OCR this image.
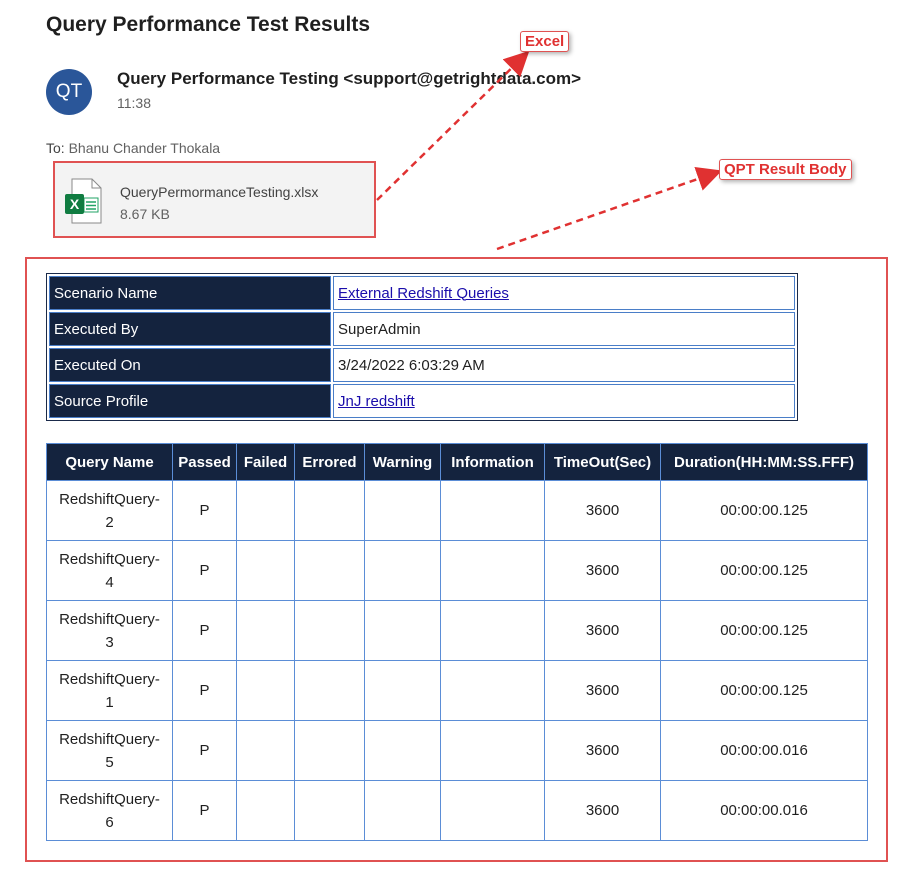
Query Performance Test Results
QT
Query Performance Testing <support@getrightdata.com>
11:38
To: Bhanu Chander Thokala
X
QueryPermormanceTesting.xlsx
8.67 KB
Excel
QPT Result Body
Scenario Name	External Redshift Queries
Executed By	SuperAdmin
Executed On	3/24/2022 6:03:29 AM
Source Profile	JnJ redshift
Query Name	Passed	Failed	Errored	Warning	Information	TimeOut(Sec)	Duration(HH:MM:SS.FFF)
RedshiftQuery-
2	P					3600	00:00:00.125
RedshiftQuery-
4	P					3600	00:00:00.125
RedshiftQuery-
3	P					3600	00:00:00.125
RedshiftQuery-
1	P					3600	00:00:00.125
RedshiftQuery-
5	P					3600	00:00:00.016
RedshiftQuery-
6	P					3600	00:00:00.016
